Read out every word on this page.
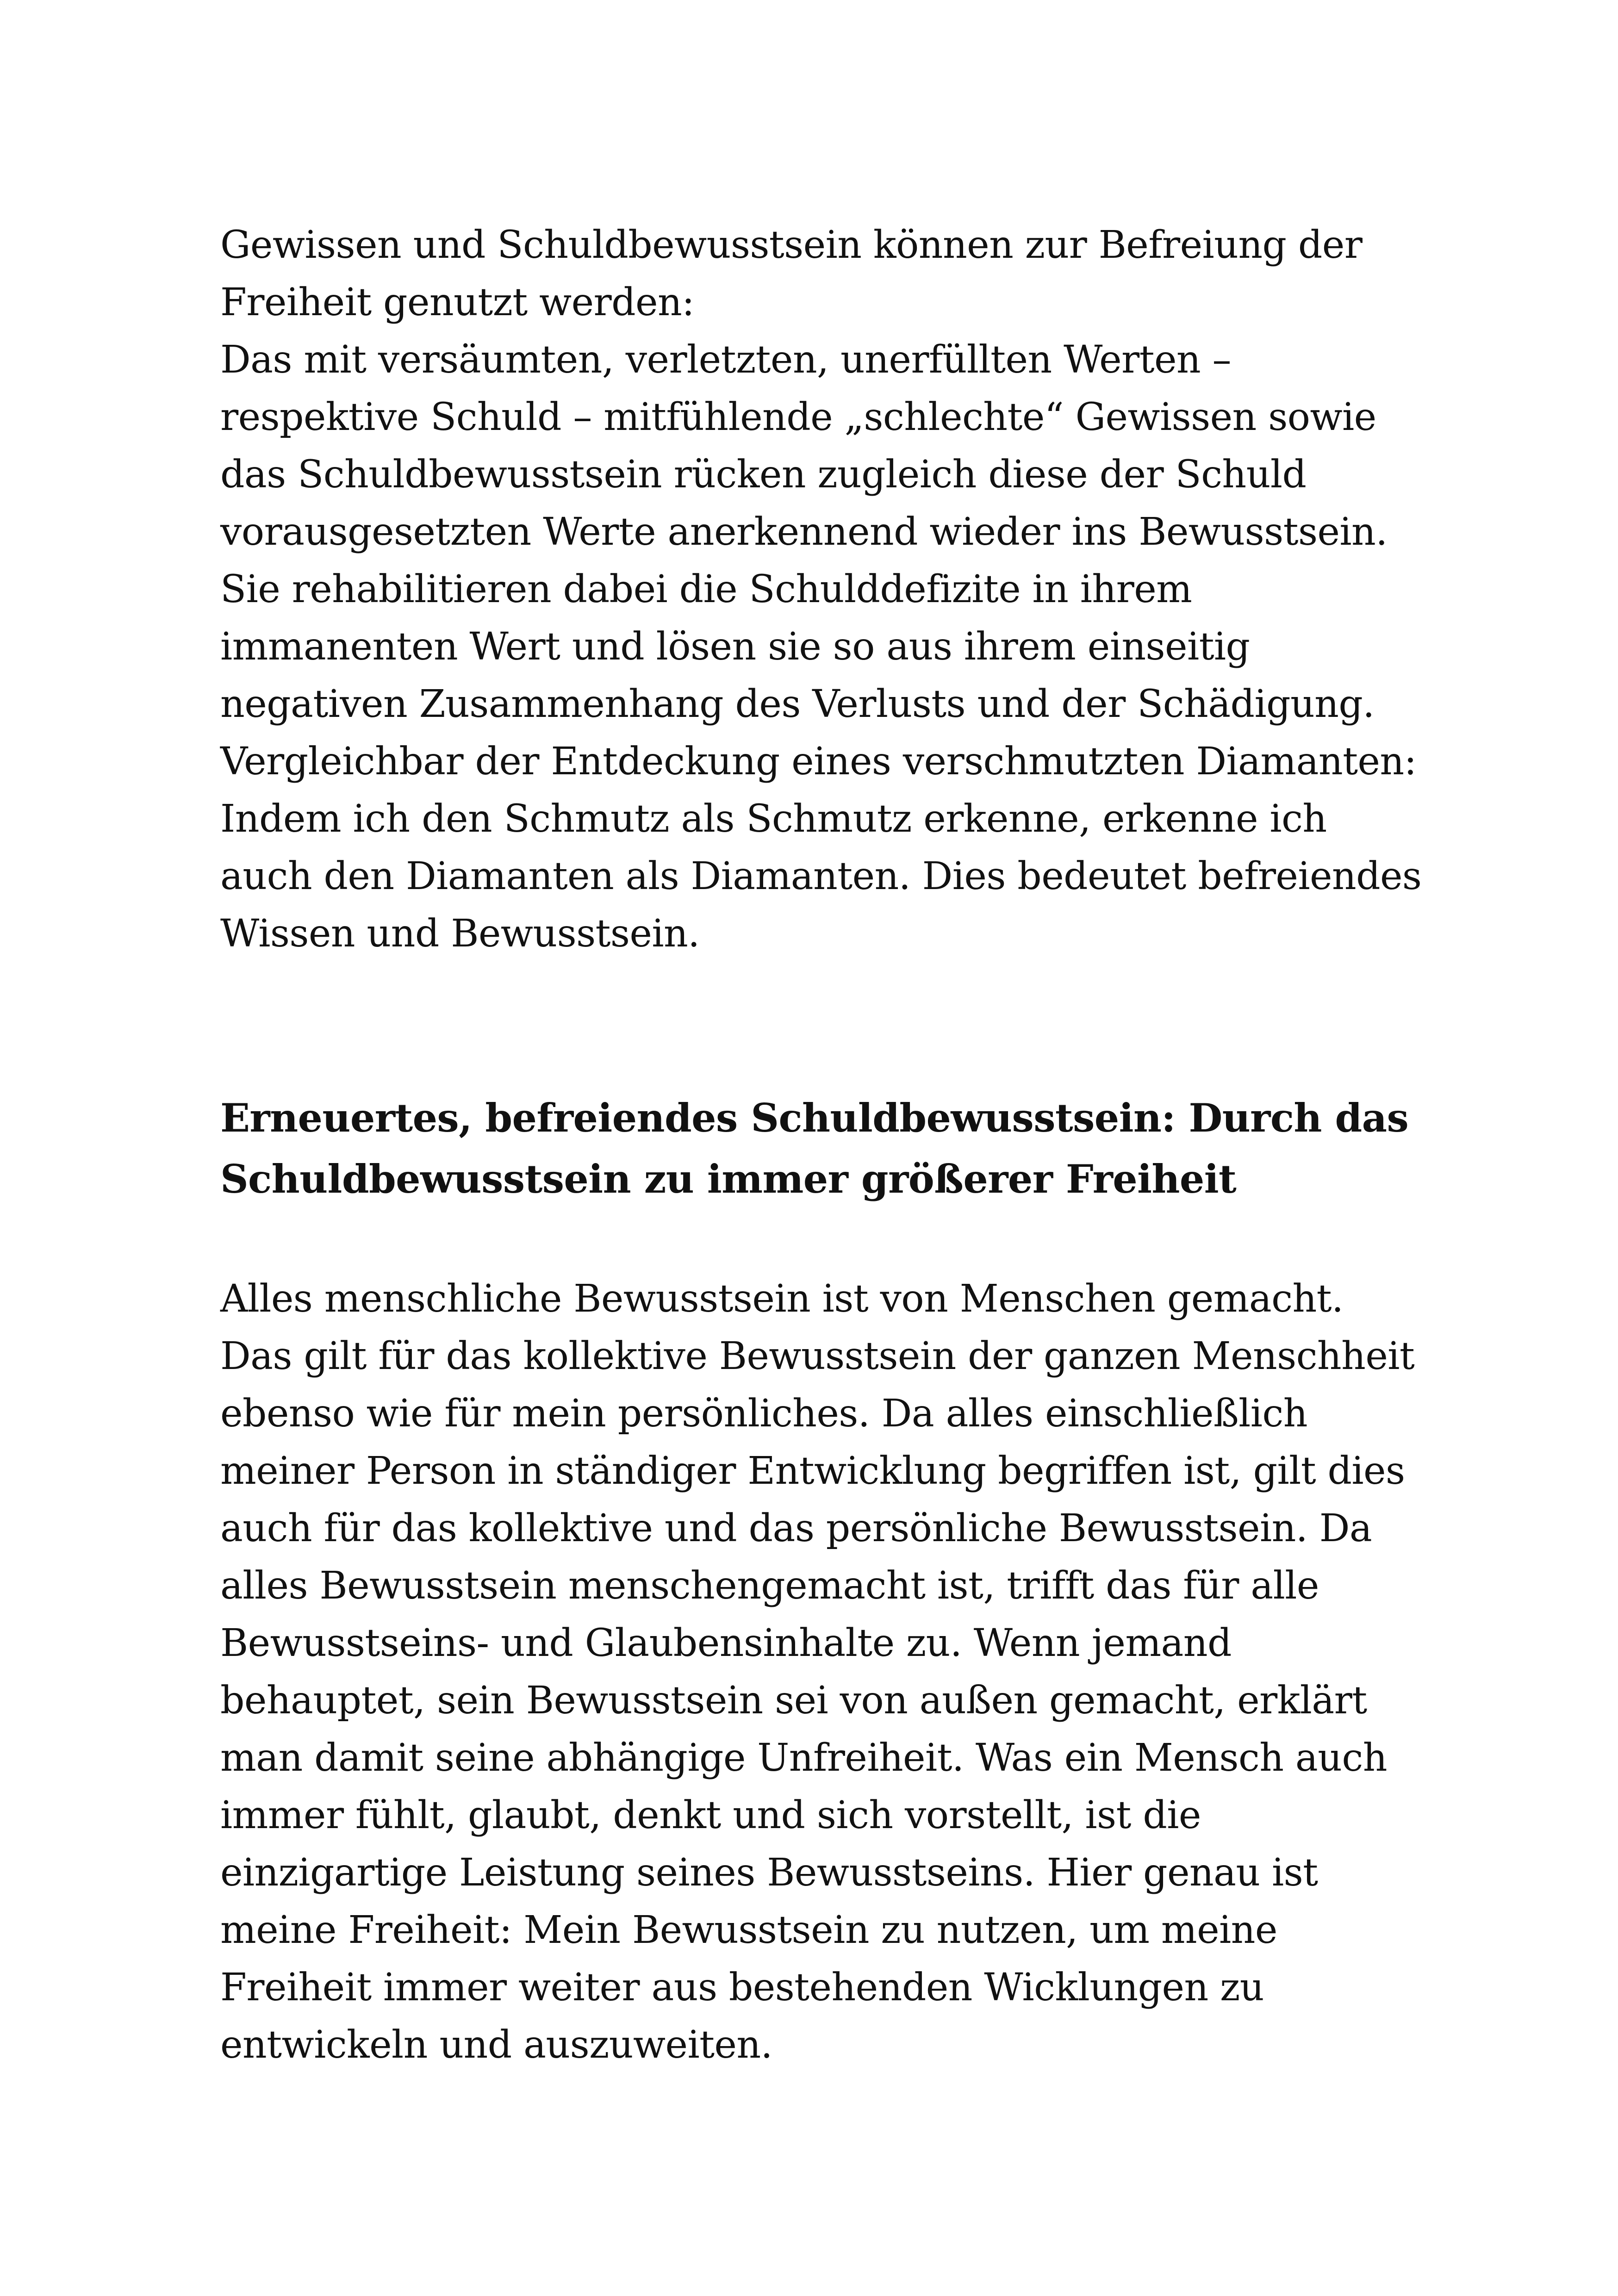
Gewissen und Schuldbewusstsein können zur Befreiung der
Freiheit genutzt werden:
Das mit versäumten, verletzten, unerfüllten Werten –
respektive Schuld – mitfühlende „schlechte“ Gewissen sowie
das Schuldbewusstsein rücken zugleich diese der Schuld
vorausgesetzten Werte anerkennend wieder ins Bewusstsein.
Sie rehabilitieren dabei die Schulddefizite in ihrem
immanenten Wert und lösen sie so aus ihrem einseitig
negativen Zusammenhang des Verlusts und der Schädigung.
Vergleichbar der Entdeckung eines verschmutzten Diamanten:
Indem ich den Schmutz als Schmutz erkenne, erkenne ich
auch den Diamanten als Diamanten. Dies bedeutet befreiendes
Wissen und Bewusstsein.

Erneuertes, befreiendes Schuldbewusstsein: Durch das
Schuldbewusstsein zu immer größerer Freiheit

Alles menschliche Bewusstsein ist von Menschen gemacht.
Das gilt für das kollektive Bewusstsein der ganzen Menschheit
ebenso wie für mein persönliches. Da alles einschließlich
meiner Person in ständiger Entwicklung begriffen ist, gilt dies
auch für das kollektive und das persönliche Bewusstsein. Da
alles Bewusstsein menschengemacht ist, trifft das für alle
Bewusstseins- und Glaubensinhalte zu. Wenn jemand
behauptet, sein Bewusstsein sei von außen gemacht, erklärt
man damit seine abhängige Unfreiheit. Was ein Mensch auch
immer fühlt, glaubt, denkt und sich vorstellt, ist die
einzigartige Leistung seines Bewusstseins. Hier genau ist
meine Freiheit: Mein Bewusstsein zu nutzen, um meine
Freiheit immer weiter aus bestehenden Wicklungen zu
entwickeln und auszuweiten.
